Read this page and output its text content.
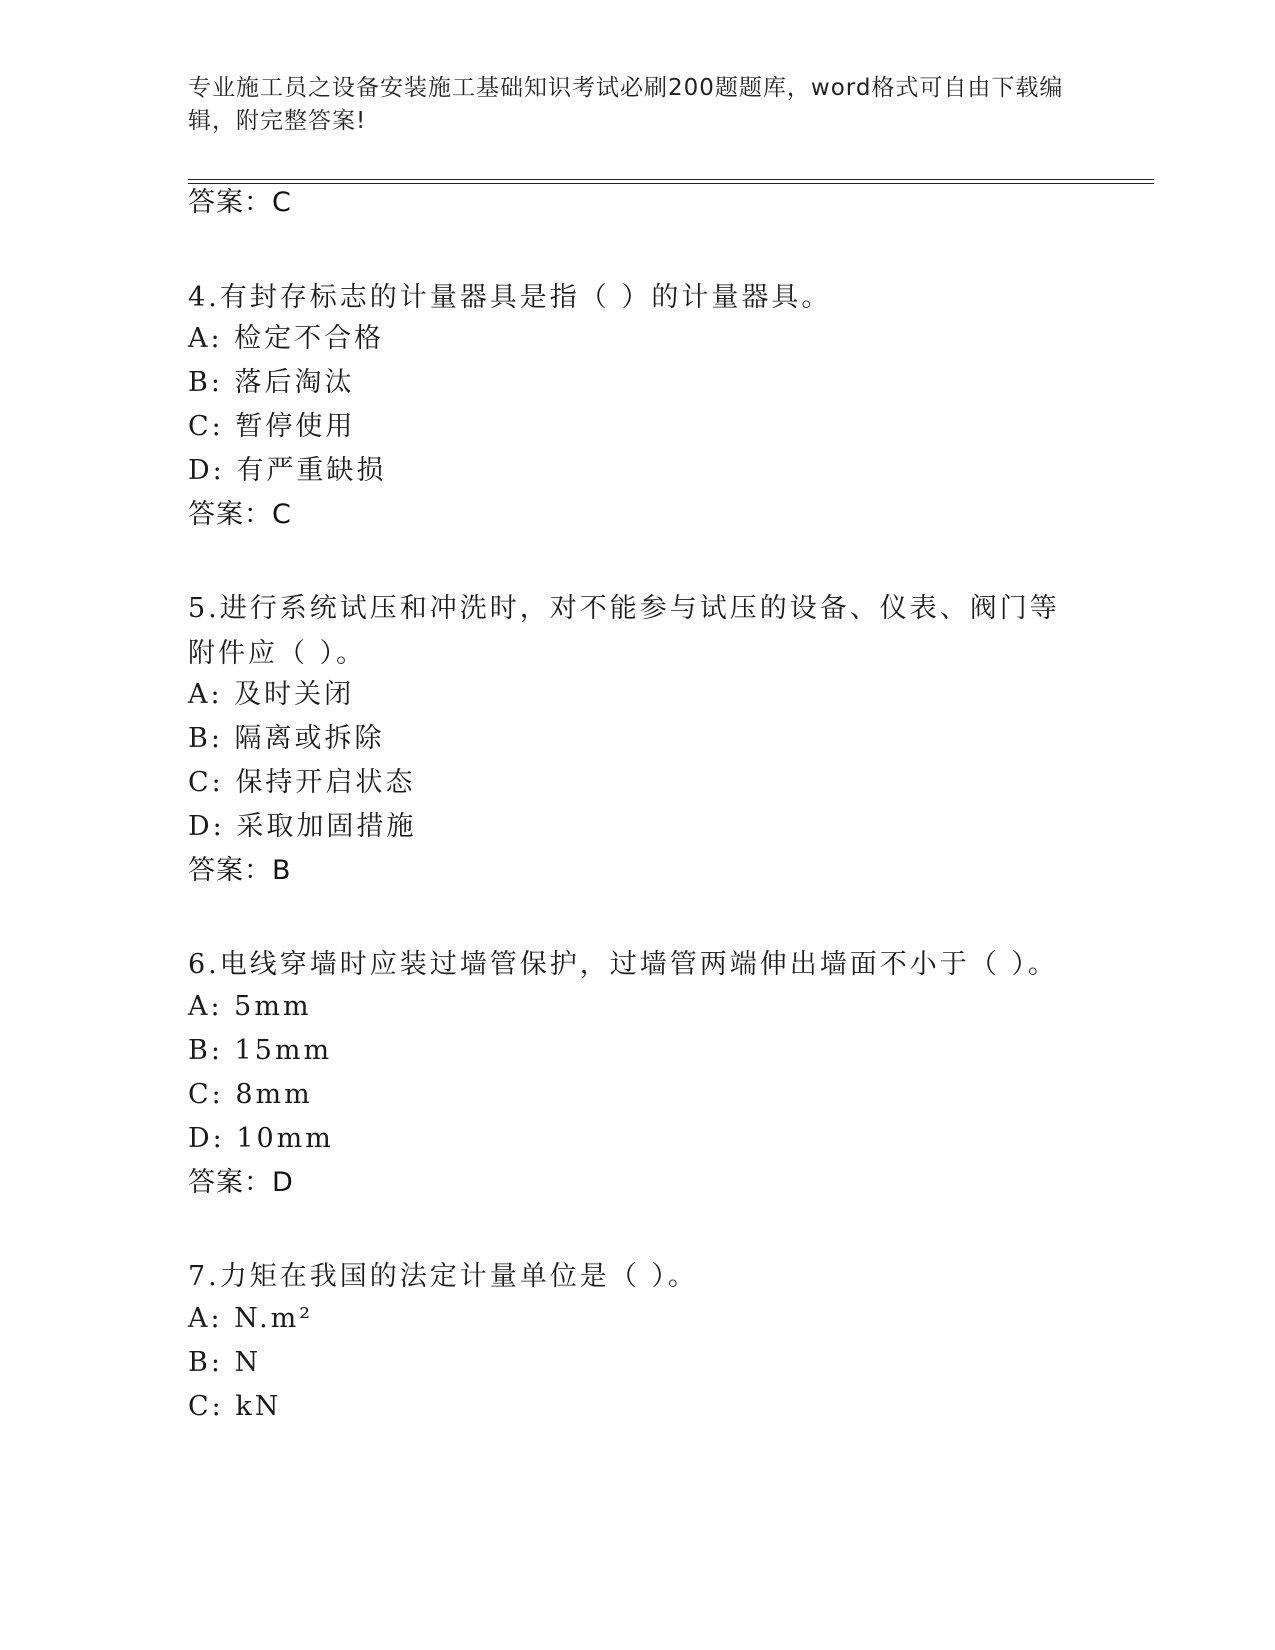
专业施工员之设备安装施工基础知识考试必刷200题题库，word格式可自由下载编辑，附完整答案!
答案：C
4.有封存标志的计量器具是指（ ）的计量器具。
A: 检定不合格
B: 落后淘汰
C: 暂停使用
D: 有严重缺损
答案：C
5.进行系统试压和冲洗时，对不能参与试压的设备、仪表、阀门等附件应（ ）。
A: 及时关闭
B: 隔离或拆除
C: 保持开启状态
D: 采取加固措施
答案：B
6.电线穿墙时应装过墙管保护，过墙管两端伸出墙面不小于（ ）。
A: 5mm
B: 15mm
C: 8mm
D: 10mm
答案：D
7.力矩在我国的法定计量单位是（ ）。
A: N.m²
B: N
C: kN
